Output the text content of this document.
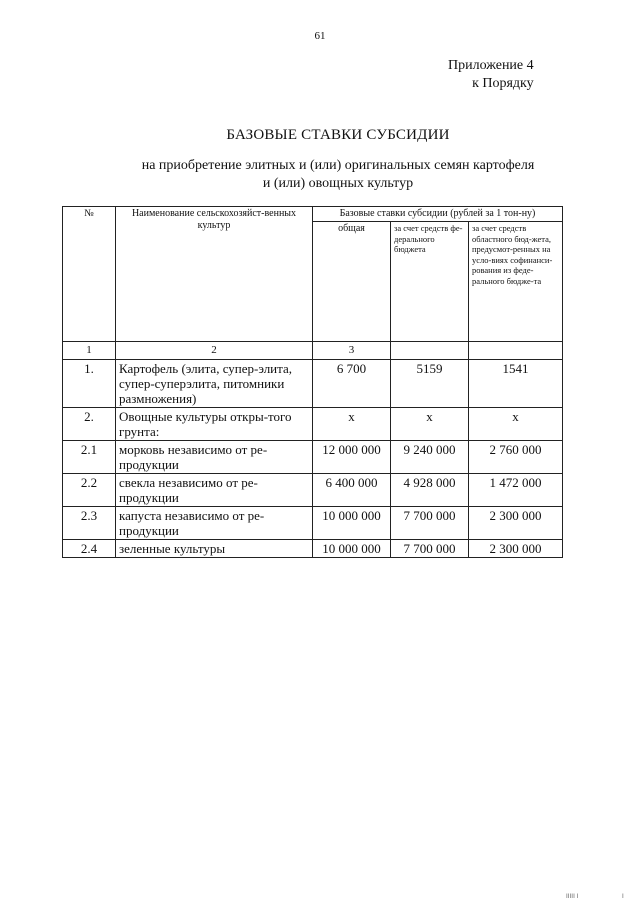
61
Приложение 4
к Порядку
БАЗОВЫЕ СТАВКИ СУБСИДИИ
на приобретение элитных и (или) оригинальных семян картофеля
и (или) овощных культур
№	Наименование сельскохозяйст-венных культур	Базовые ставки субсидии (рублей за 1 тон-ну)		
		общая	за счет средств фе-дерального бюджета	за счет средств областного бюд-жета, предусмот-ренных на усло-виях софинанси-рования из феде-рального бюдже-та
1	2	3		
1.	Картофель (элита, супер-элита, супер-суперэлита, питомники размножения)	6 700	5159	1541
2.	Овощные культуры откры-того грунта:	х	х	х
2.1	морковь независимо от ре-продукции	12 000 000	9 240 000	2 760 000
2.2	свекла независимо от ре-продукции	6 400 000	4 928 000	1 472 000
2.3	капуста независимо от ре-продукции	10 000 000	7 700 000	2 300 000
2.4	зеленные культуры	10 000 000	7 700 000	2 300 000
IIIII I	I
